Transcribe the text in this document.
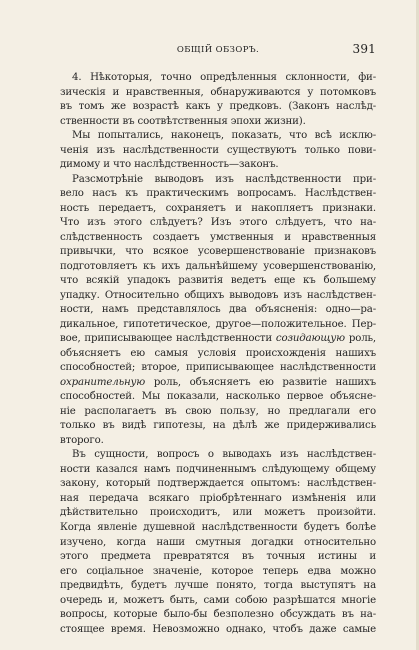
ОБЩІЙ ОБЗОРЪ.	391
4. Нѣкоторыя, точно опредѣленныя склонности, фи-
зическія и нравственныя, обнаруживаются у потомковъ
въ томъ же возрастѣ какъ у предковъ. (Законъ наслѣд-
ственности въ соотвѣтственныя эпохи жизни).
Мы попытались, наконецъ, показать, что всѣ исклю-
ченія изъ наслѣдственности существуютъ только пови-
димому и что наслѣдственность—законъ.
Разсмотрѣніе выводовъ изъ наслѣдственности при-
вело насъ къ практическимъ вопросамъ. Наслѣдствен-
ность передаетъ, сохраняетъ и накопляетъ признаки.
Что изъ этого слѣдуетъ? Изъ этого слѣдуетъ, что на-
слѣдственность создаетъ умственныя и нравственныя
привычки, что всякое усовершенствованіе признаковъ
подготовляетъ къ ихъ дальнѣйшему усовершенствованію,
что всякій упадокъ развитія ведетъ еще къ большему
упадку. Относительно общихъ выводовъ изъ наслѣдствен-
ности, намъ представлялось два объясненія: одно—ра-
дикальное, гипотетическое, другое—положительное. Пер-
вое, приписывающее наслѣдственности созидающую роль,
объясняетъ ею самыя условія происхожденія нашихъ
способностей; второе, приписывающее наслѣдственности
охранительную роль, объясняетъ ею развитіе нашихъ
способностей. Мы показали, насколько первое объясне-
ніе располагаетъ въ свою пользу, но предлагали его
только въ видѣ гипотезы, на дѣлѣ же придерживались
второго.
Въ сущности, вопросъ о выводахъ изъ наслѣдствен-
ности казался намъ подчиненнымъ слѣдующему общему
закону, который подтверждается опытомъ: наслѣдствен-
ная передача всякаго пріобрѣтеннаго измѣненія или
дѣйствительно происходитъ, или можетъ произойти.
Когда явленіе душевной наслѣдственности будетъ болѣе
изучено, когда наши смутныя догадки относительно
этого предмета превратятся въ точныя истины и
его соціальное значеніе, которое теперь едва можно
предвидѣть, будетъ лучше понято, тогда выступятъ на
очередь и, можетъ быть, сами собою разрѣшатся многіе
вопросы, которые было-бы безполезно обсуждать въ на-
стоящее время. Невозможно однако, чтобъ даже самые
